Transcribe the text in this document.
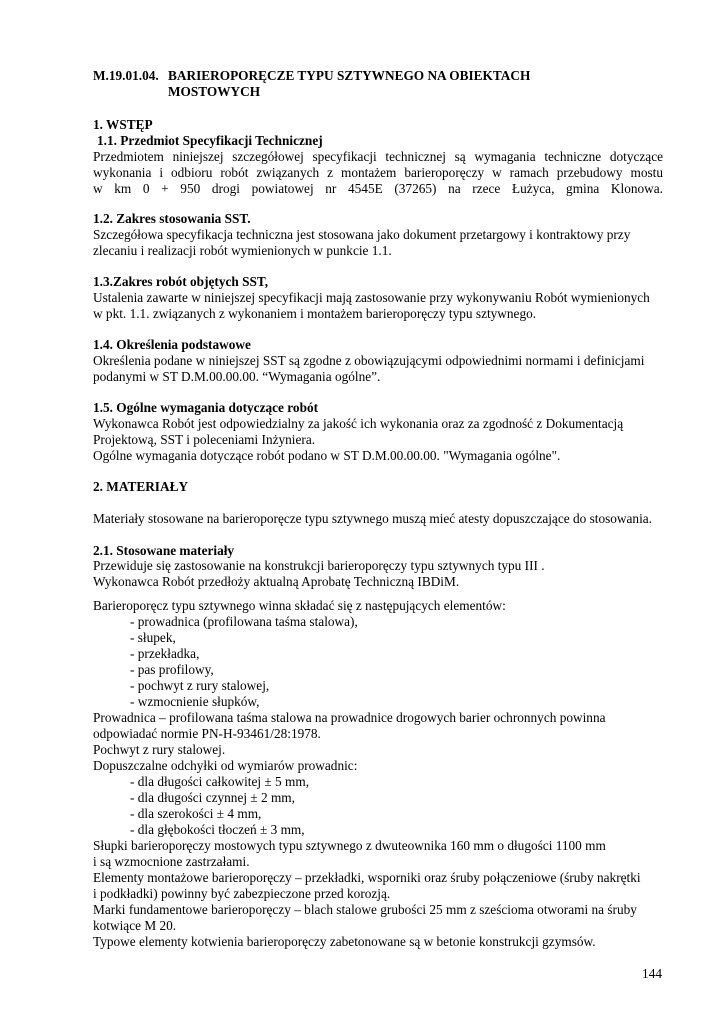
M.19.01.04. BARIEROPORĘCZE TYPU SZTYWNEGO NA OBIEKTACH
MOSTOWYCH
1. WSTĘP
1.1. Przedmiot Specyfikacji Technicznej
Przedmiotem niniejszej szczegółowej specyfikacji technicznej są wymagania techniczne dotyczące
wykonania i odbioru robót związanych z montażem barieroporęczy w ramach przebudowy mostu
w km 0 + 950 drogi powiatowej nr 4545E (37265) na rzece Łużyca, gmina Klonowa.
1.2. Zakres stosowania SST.
Szczegółowa specyfikacja techniczna jest stosowana jako dokument przetargowy i kontraktowy przy
zlecaniu i realizacji robót wymienionych w punkcie 1.1.
1.3.Zakres robót objętych SST,
Ustalenia zawarte w niniejszej specyfikacji mają zastosowanie przy wykonywaniu Robót wymienionych
w pkt. 1.1. związanych z wykonaniem i montażem barieroporęczy typu sztywnego.
1.4. Określenia podstawowe
Określenia podane w niniejszej SST są zgodne z obowiązującymi odpowiednimi normami i definicjami
podanymi w ST D.M.00.00.00. “Wymagania ogólne”.
1.5. Ogólne wymagania dotyczące robót
Wykonawca Robót jest odpowiedzialny za jakość ich wykonania oraz za zgodność z Dokumentacją
Projektową, SST i poleceniami Inżyniera.
Ogólne wymagania dotyczące robót podano w ST D.M.00.00.00. "Wymagania ogólne".
2. MATERIAŁY
Materiały stosowane na barieroporęcze typu sztywnego muszą mieć atesty dopuszczające do stosowania.
2.1. Stosowane materiały
Przewiduje się zastosowanie na konstrukcji barieroporęczy typu sztywnych typu III .
Wykonawca Robót przedłoży aktualną Aprobatę Techniczną IBDiM.
Barieroporęcz typu sztywnego winna składać się z następujących elementów:
- prowadnica (profilowana taśma stalowa),
- słupek,
- przekładka,
- pas profilowy,
- pochwyt z rury stalowej,
- wzmocnienie słupków,
Prowadnica – profilowana taśma stalowa na prowadnice drogowych barier ochronnych powinna
odpowiadać normie PN-H-93461/28:1978.
Pochwyt z rury stalowej.
Dopuszczalne odchyłki od wymiarów prowadnic:
- dla długości całkowitej ± 5 mm,
- dla długości czynnej ± 2 mm,
- dla szerokości ± 4 mm,
- dla głębokości tłoczeń ± 3 mm,
Słupki barieroporęczy mostowych typu sztywnego z dwuteownika 160 mm o długości 1100 mm
i są wzmocnione zastrzałami.
Elementy montażowe barieroporęczy – przekładki, wsporniki oraz śruby połączeniowe (śruby nakrętki
i podkładki) powinny być zabezpieczone przed korozją.
Marki fundamentowe barieroporęczy – blach stalowe grubości 25 mm z sześcioma otworami na śruby
kotwiące M 20.
Typowe elementy kotwienia barieroporęczy zabetonowane są w betonie konstrukcji gzymsów.
144
